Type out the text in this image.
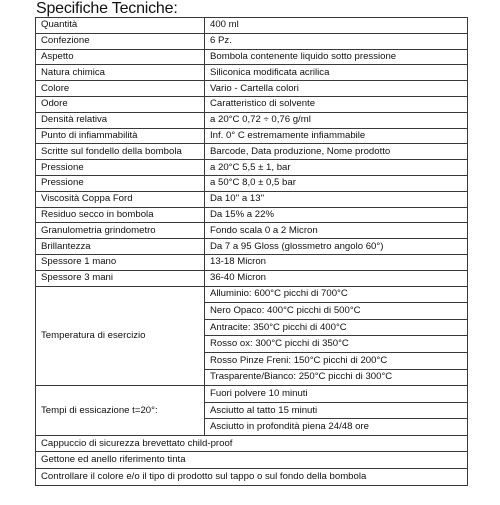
Specifiche Tecniche:
Quantità	400 ml
Confezione	6 Pz.
Aspetto	Bombola contenente liquido sotto pressione
Natura chimica	Siliconica modificata acrilica
Colore	Vario - Cartella colori
Odore	Caratteristico di solvente
Densità relativa	a 20°C 0,72 ÷ 0,76 g/ml
Punto di infiammabilità	Inf. 0° C estremamente infiammabile
Scritte sul fondello della bombola	Barcode, Data produzione, Nome prodotto
Pressione	a 20°C 5,5 ± 1, bar
Pressione	a 50°C 8,0 ± 0,5 bar
Viscosità Coppa Ford	Da 10'' a 13''
Residuo secco in bombola	Da 15% a 22%
Granulometria grindometro	Fondo scala 0 a 2 Micron
Brillantezza	Da 7 a 95 Gloss (glossmetro angolo 60°)
Spessore 1 mano	13-18 Micron
Spessore 3 mani	36-40 Micron
Temperatura di esercizio	Alluminio: 600°C picchi di 700°C
	Nero Opaco: 400°C picchi di 500°C
	Antracite: 350°C picchi di 400°C
	Rosso ox: 300°C picchi di 350°C
	Rosso Pinze Freni: 150°C picchi di 200°C
	Trasparente/Bianco: 250°C picchi di 300°C
Tempi di essicazione t=20°:	Fuori polvere 10 minuti
	Asciutto al tatto 15 minuti
	Asciutto in profondità piena 24/48 ore
Cappuccio di sicurezza brevettato child-proof	
Gettone ed anello riferimento tinta	
Controllare il colore e/o il tipo di prodotto sul tappo o sul fondo della bombola	
